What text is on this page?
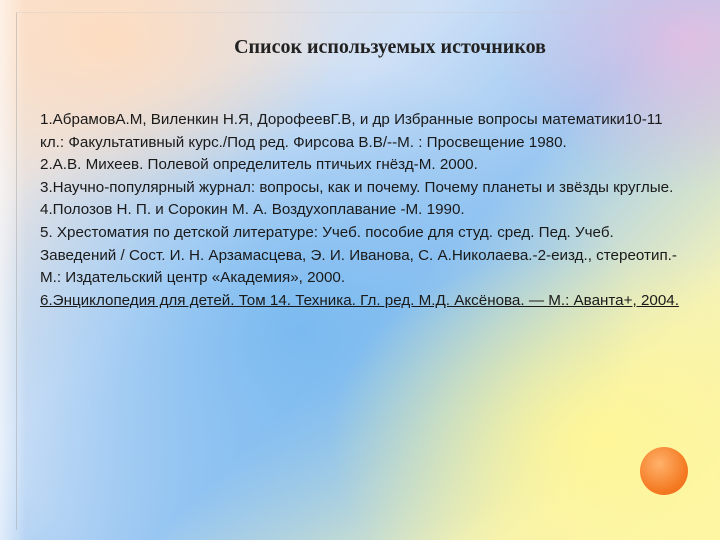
Список используемых источников

1.АбрамовА.М, Виленкин Н.Я, ДорофеевГ.В, и др Избранные вопросы математики10-11 кл.: Факультативный курс./Под ред. Фирсова В.В/--М. : Просвещение 1980.

2.А.В. Михеев. Полевой определитель птичьих гнёзд-М. 2000.

3.Научно-популярный журнал: вопросы, как и почему. Почему планеты и звёзды круглые.

4.Полозов Н. П. и Сорокин М. А. Воздухоплавание -М. 1990.

5. Хрестоматия по детской литературе: Учеб. пособие для студ. сред. Пед. Учеб. Заведений / Сост. И. Н. Арзамасцева, Э. И. Иванова, С. А.Николаева.-2-еизд., стереотип.- М.: Издательский центр «Академия», 2000.

6.Энциклопедия для детей. Том 14. Техника. Гл. ред. М.Д. Аксёнова. — М.: Аванта+, 2004.
